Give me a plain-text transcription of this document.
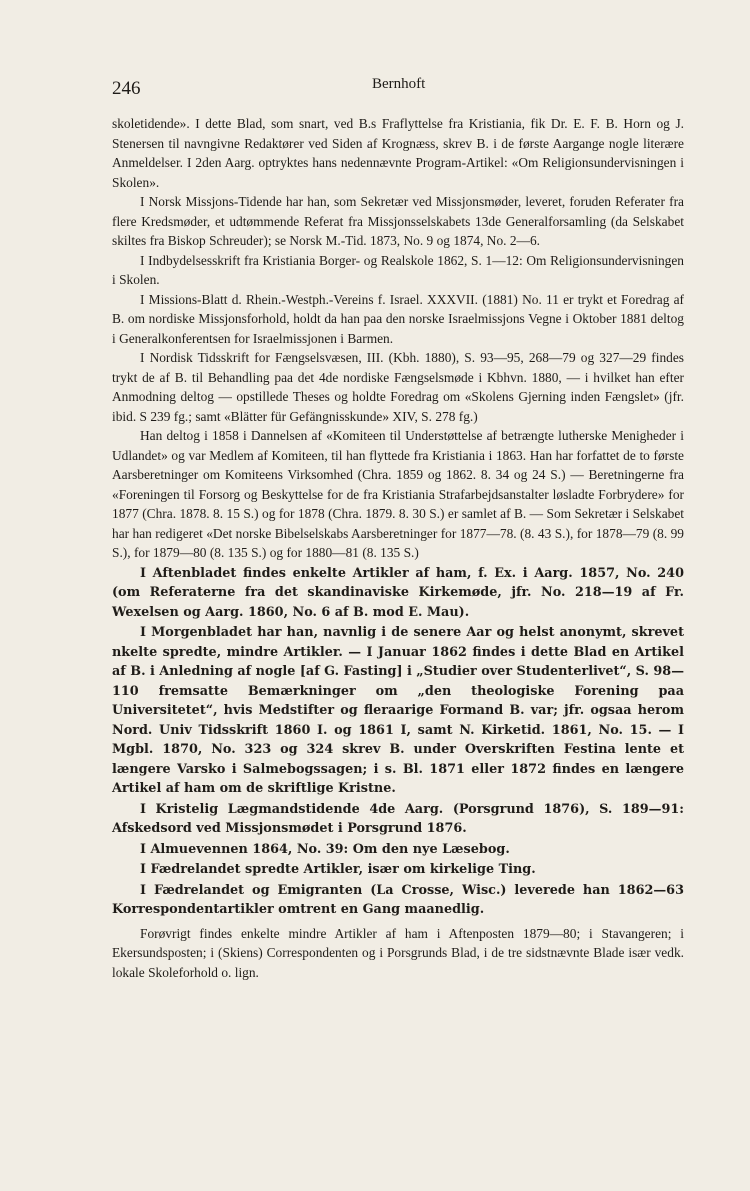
246	Bernhoft

skoletidende». I dette Blad, som snart, ved B.s Fraflyttelse fra Kristiania, fik Dr. E. F. B. Horn og J. Stenersen til navngivne Redaktører ved Siden af Krognæss, skrev B. i de første Aargange nogle literære Anmeldelser. I 2den Aarg. optryktes hans nedennævnte Program-Artikel: «Om Religionsundervisningen i Skolen».

I Norsk Missjons-Tidende har han, som Sekretær ved Missjonsmøder, leveret, foruden Referater fra flere Kredsmøder, et udtømmende Referat fra Missjonsselskabets 13de Generalforsamling (da Selskabet skiltes fra Biskop Schreuder); se Norsk M.-Tid. 1873, No. 9 og 1874, No. 2—6.

I Indbydelsesskrift fra Kristiania Borger- og Realskole 1862, S. 1—12: Om Religionsundervisningen i Skolen.

I Missions-Blatt d. Rhein.-Westph.-Vereins f. Israel. XXXVII. (1881) No. 11 er trykt et Foredrag af B. om nordiske Missjonsforhold, holdt da han paa den norske Israelmissjons Vegne i Oktober 1881 deltog i Generalkonferentsen for Israelmissjonen i Barmen.

I Nordisk Tidsskrift for Fængselsvæsen, III. (Kbh. 1880), S. 93—95, 268—79 og 327—29 findes trykt de af B. til Behandling paa det 4de nordiske Fængselsmøde i Kbhvn. 1880, — i hvilket han efter Anmodning deltog — opstillede Theses og holdte Foredrag om «Skolens Gjerning inden Fængslet» (jfr. ibid. S 239 fg.; samt «Blätter für Gefängnisskunde» XIV, S. 278 fg.)

Han deltog i 1858 i Dannelsen af «Komiteen til Understøttelse af betrængte lutherske Menigheder i Udlandet» og var Medlem af Komiteen, til han flyttede fra Kristiania i 1863. Han har forfattet de to første Aarsberetninger om Komiteens Virksomhed (Chra. 1859 og 1862. 8. 34 og 24 S.) — Beretningerne fra «Foreningen til Forsorg og Beskyttelse for de fra Kristiania Strafarbejdsanstalter løsladte Forbrydere» for 1877 (Chra. 1878. 8. 15 S.) og for 1878 (Chra. 1879. 8. 30 S.) er samlet af B. — Som Sekretær i Selskabet har han redigeret «Det norske Bibelselskabs Aarsberetninger for 1877—78. (8. 43 S.), for 1878—79 (8. 99 S.), for 1879—80 (8. 135 S.) og for 1880—81 (8. 135 S.)

I Aftenbladet findes enkelte Artikler af ham, f. Ex. i Aarg. 1857, No. 240 (om Referaterne fra det skandinaviske Kirkemøde, jfr. No. 218—19 af Fr. Wexelsen og Aarg. 1860, No. 6 af B. mod E. Mau).

I Morgenbladet har han, navnlig i de senere Aar og helst anonymt, skrevet nkelte spredte, mindre Artikler. — I Januar 1862 findes i dette Blad en Artikel af B. i Anledning af nogle [af G. Fasting] i „Studier over Studenterlivet“, S. 98—110 fremsatte Bemærkninger om „den theologiske Forening paa Universitetet“, hvis Medstifter og fleraarige Formand B. var; jfr. ogsaa herom Nord. Univ Tidsskrift 1860 I. og 1861 I, samt N. Kirketid. 1861, No. 15. — I Mgbl. 1870, No. 323 og 324 skrev B. under Overskriften Festina lente et længere Varsko i Salmebogssagen; i s. Bl. 1871 eller 1872 findes en længere Artikel af ham om de skriftlige Kristne.

I Kristelig Lægmandstidende 4de Aarg. (Porsgrund 1876), S. 189—91: Afskedsord ved Missjonsmødet i Porsgrund 1876.

I Almuevennen 1864, No. 39: Om den nye Læsebog.

I Fædrelandet spredte Artikler, især om kirkelige Ting.

I Fædrelandet og Emigranten (La Crosse, Wisc.) leverede han 1862—63 Korrespondentartikler omtrent en Gang maanedlig.

Forøvrigt findes enkelte mindre Artikler af ham i Aftenposten 1879—80; i Stavangeren; i Ekersundsposten; i (Skiens) Correspondenten og i Porsgrunds Blad, i de tre sidstnævnte Blade især vedk. lokale Skoleforhold o. lign.
